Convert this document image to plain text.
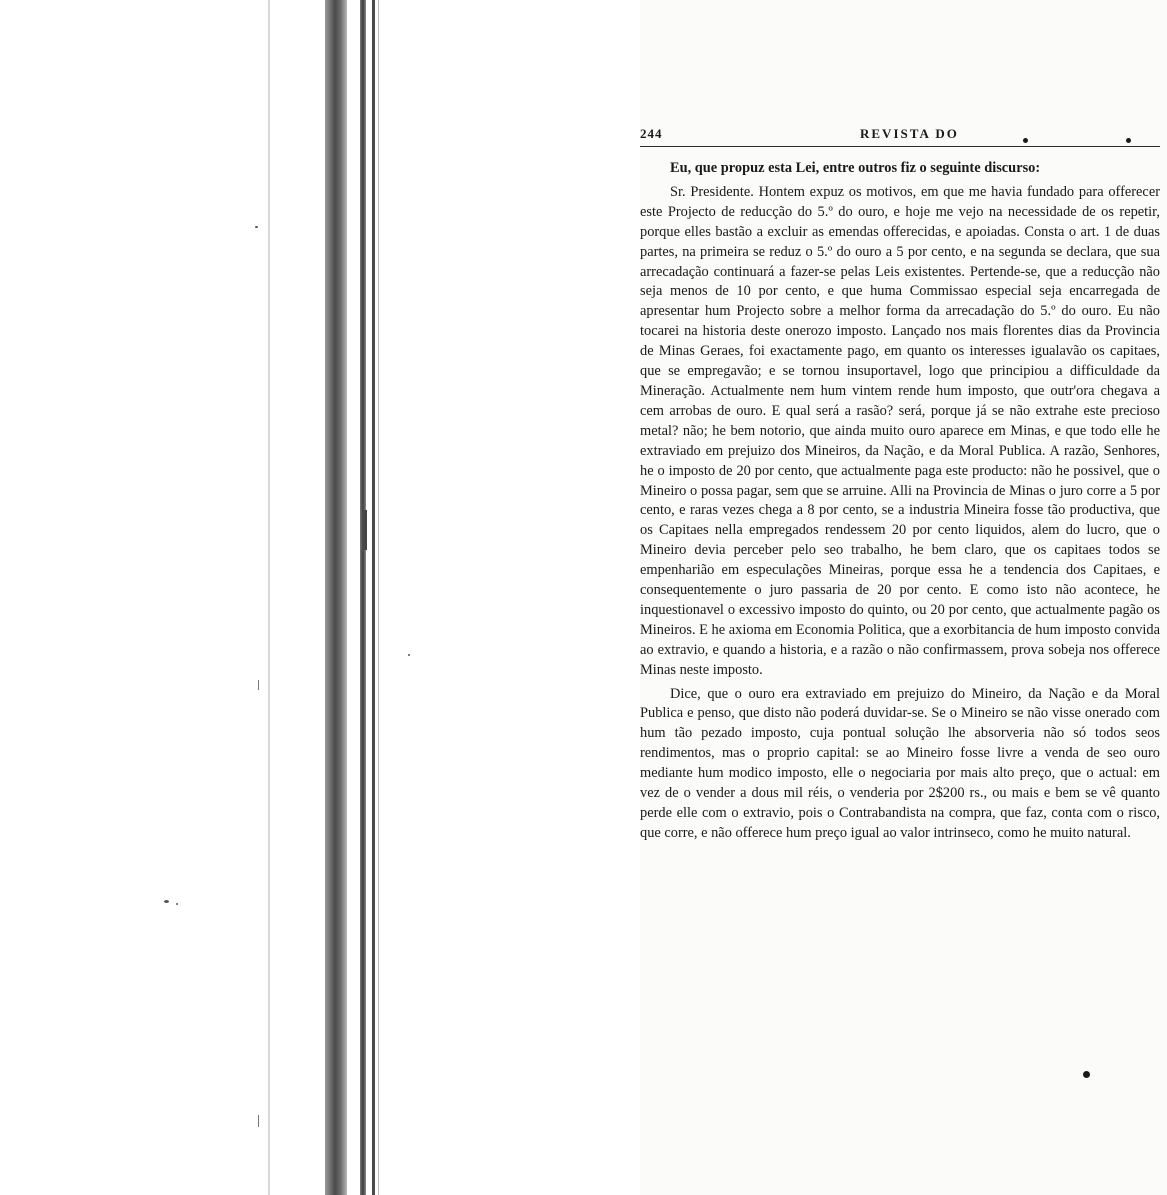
244	REVISTA DO

Eu, que propuz esta Lei, entre outros fiz o seguinte discurso:

Sr. Presidente. Hontem expuz os motivos, em que me havia fundado para offerecer este Projecto de reducção do 5.º do ouro, e hoje me vejo na necessidade de os repetir, porque elles bastão a excluir as emendas offerecidas, e apoiadas. Consta o art. 1 de duas partes, na primeira se reduz o 5.º do ouro a 5 por cento, e na segunda se declara, que sua arrecadação continuará a fazer-se pelas Leis existentes. Pertende-se, que a reducção não seja menos de 10 por cento, e que huma Commissao especial seja encarregada de apresentar hum Projecto sobre a melhor forma da arrecadação do 5.º do ouro. Eu não tocarei na historia deste onerozo imposto. Lançado nos mais florentes dias da Provincia de Minas Geraes, foi exactamente pago, em quanto os interesses igualavão os capitaes, que se empregavão; e se tornou insuportavel, logo que principiou a difficuldade da Mineração. Actualmente nem hum vintem rende hum imposto, que outr'ora chegava a cem arrobas de ouro. E qual será a rasão? será, porque já se não extrahe este precioso metal? não; he bem notorio, que ainda muito ouro aparece em Minas, e que todo elle he extraviado em prejuizo dos Mineiros, da Nação, e da Moral Publica. A razão, Senhores, he o imposto de 20 por cento, que actualmente paga este producto: não he possivel, que o Mineiro o possa pagar, sem que se arruine. Alli na Provincia de Minas o juro corre a 5 por cento, e raras vezes chega a 8 por cento, se a industria Mineira fosse tão productiva, que os Capitaes nella empregados rendessem 20 por cento liquidos, alem do lucro, que o Mineiro devia perceber pelo seo trabalho, he bem claro, que os capitaes todos se empenharião em especulações Mineiras, porque essa he a tendencia dos Capitaes, e consequentemente o juro passaria de 20 por cento. E como isto não acontece, he inquestionavel o excessivo imposto do quinto, ou 20 por cento, que actualmente pagão os Mineiros. E he axioma em Economia Politica, que a exorbitancia de hum imposto convida ao extravio, e quando a historia, e a razão o não confirmassem, prova sobeja nos offerece Minas neste imposto.

Dice, que o ouro era extraviado em prejuizo do Mineiro, da Nação e da Moral Publica e penso, que disto não poderá duvidar-se. Se o Mineiro se não visse onerado com hum tão pezado imposto, cuja pontual solução lhe absorveria não só todos seos rendimentos, mas o proprio capital: se ao Mineiro fosse livre a venda de seo ouro mediante hum modico imposto, elle o negociaria por mais alto preço, que o actual: em vez de o vender a dous mil réis, o venderia por 2$200 rs., ou mais e bem se vê quanto perde elle com o extravio, pois o Contrabandista na compra, que faz, conta com o risco, que corre, e não offerece hum preço igual ao valor intrinseco, como he muito natural.
